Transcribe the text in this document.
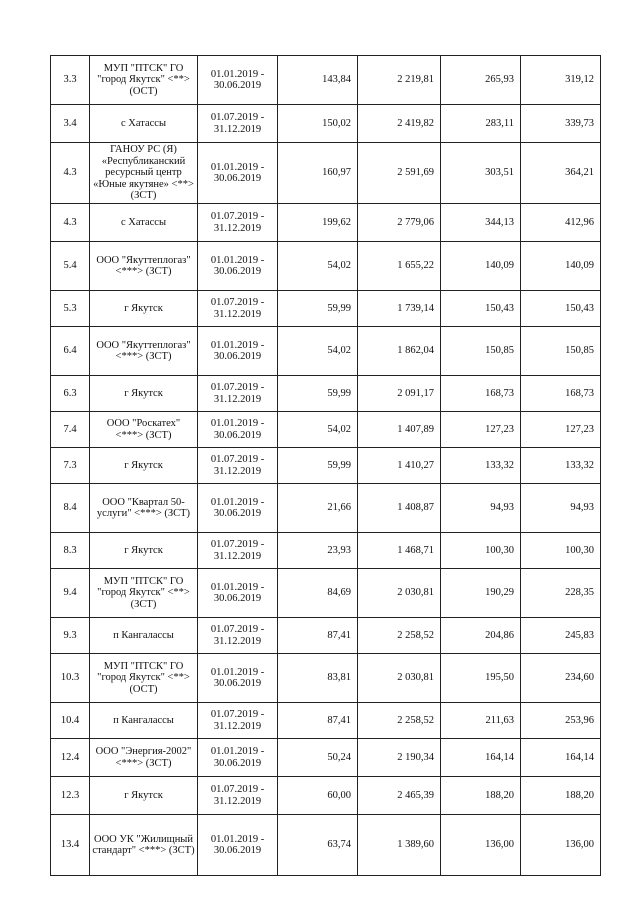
3.3	МУП "ПТСК" ГО "город Якутск" <**> (ОСТ)	01.01.2019 - 30.06.2019	143,84	2 219,81	265,93	319,12
3.4	с Хатассы	01.07.2019 - 31.12.2019	150,02	2 419,82	283,11	339,73
4.3	ГАНОУ РС (Я) «Республиканский ресурсный центр «Юные якутяне» <**> (ЗСТ)	01.01.2019 - 30.06.2019	160,97	2 591,69	303,51	364,21
4.3	с Хатассы	01.07.2019 - 31.12.2019	199,62	2 779,06	344,13	412,96
5.4	ООО "Якуттеплогаз" <***> (ЗСТ)	01.01.2019 - 30.06.2019	54,02	1 655,22	140,09	140,09
5.3	г Якутск	01.07.2019 - 31.12.2019	59,99	1 739,14	150,43	150,43
6.4	ООО "Якуттеплогаз" <***> (ЗСТ)	01.01.2019 - 30.06.2019	54,02	1 862,04	150,85	150,85
6.3	г Якутск	01.07.2019 - 31.12.2019	59,99	2 091,17	168,73	168,73
7.4	ООО "Роскатех" <***> (ЗСТ)	01.01.2019 - 30.06.2019	54,02	1 407,89	127,23	127,23
7.3	г Якутск	01.07.2019 - 31.12.2019	59,99	1 410,27	133,32	133,32
8.4	ООО "Квартал 50-услуги" <***> (ЗСТ)	01.01.2019 - 30.06.2019	21,66	1 408,87	94,93	94,93
8.3	г Якутск	01.07.2019 - 31.12.2019	23,93	1 468,71	100,30	100,30
9.4	МУП "ПТСК" ГО "город Якутск" <**> (ЗСТ)	01.01.2019 - 30.06.2019	84,69	2 030,81	190,29	228,35
9.3	п Кангалассы	01.07.2019 - 31.12.2019	87,41	2 258,52	204,86	245,83
10.3	МУП "ПТСК" ГО "город Якутск" <**> (ОСТ)	01.01.2019 - 30.06.2019	83,81	2 030,81	195,50	234,60
10.4	п Кангалассы	01.07.2019 - 31.12.2019	87,41	2 258,52	211,63	253,96
12.4	ООО "Энергия-2002" <***> (ЗСТ)	01.01.2019 - 30.06.2019	50,24	2 190,34	164,14	164,14
12.3	г Якутск	01.07.2019 - 31.12.2019	60,00	2 465,39	188,20	188,20
13.4	ООО УК "Жилищный стандарт" <***> (ЗСТ)	01.01.2019 - 30.06.2019	63,74	1 389,60	136,00	136,00
